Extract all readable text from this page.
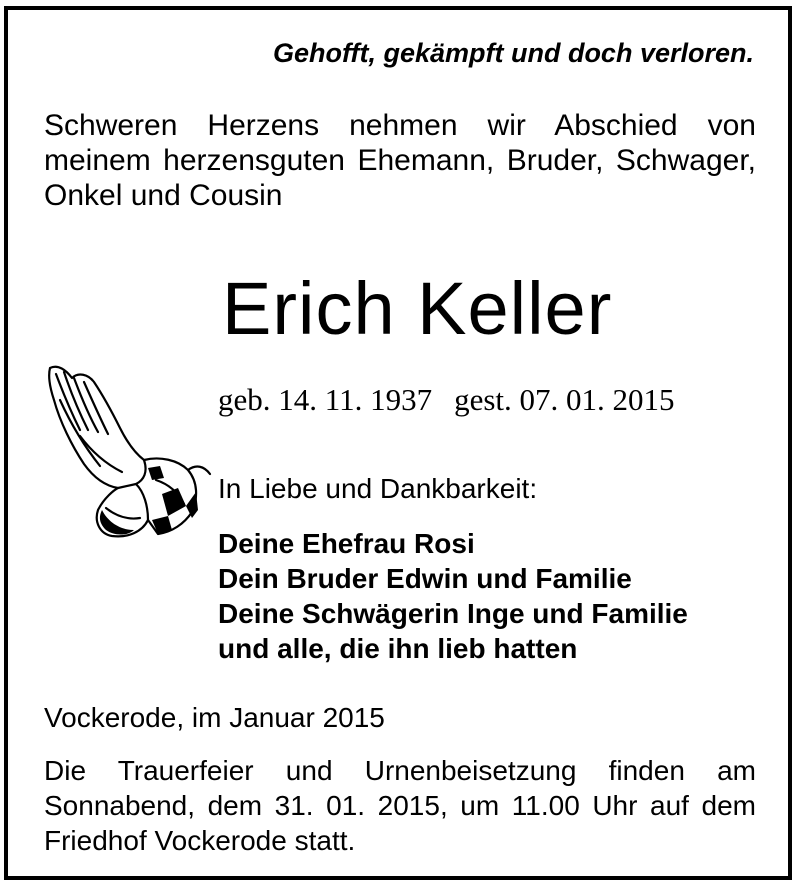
Gehofft, gekämpft und doch verloren.

Schweren Herzens nehmen wir Abschied von meinem herzensguten Ehemann, Bruder, Schwager, Onkel und Cousin

Erich Keller

geb. 14. 11. 1937 gest. 07. 01. 2015

In Liebe und Dankbarkeit:

Deine Ehefrau Rosi
Dein Bruder Edwin und Familie
Deine Schwägerin Inge und Familie
und alle, die ihn lieb hatten

Vockerode, im Januar 2015

Die Trauerfeier und Urnenbeisetzung finden am Sonnabend, dem 31. 01. 2015, um 11.00 Uhr auf dem Friedhof Vockerode statt.
